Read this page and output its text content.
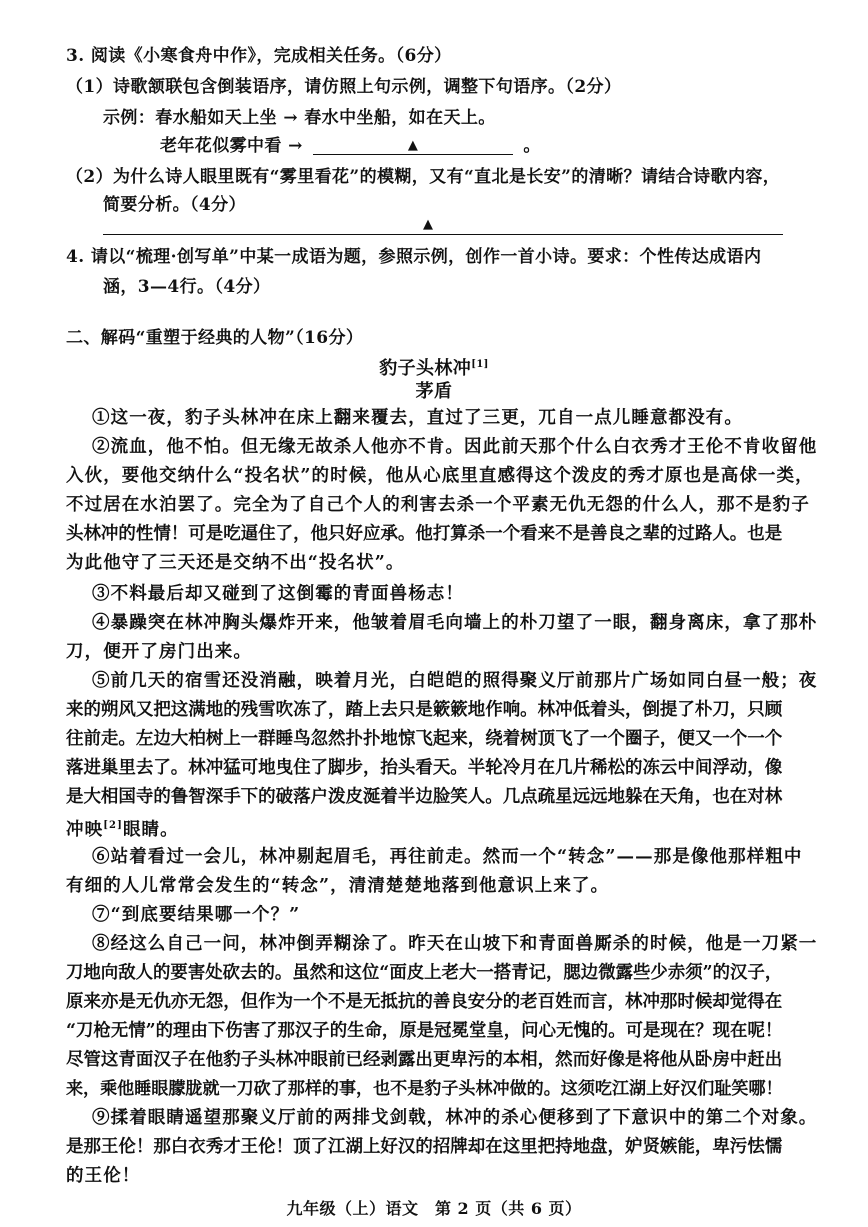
3. 阅读《小寒食舟中作》，完成相关任务。（6分）
（1）诗歌颔联包含倒装语序，请仿照上句示例，调整下句语序。（2分）
示例：春水船如天上坐 → 春水中坐船，如在天上。
老年花似雾中看 →	▲	。
（2）为什么诗人眼里既有“雾里看花”的模糊，又有“直北是长安”的清晰？请结合诗歌内容，
简要分析。（4分）
▲
4. 请以“梳理·创写单”中某一成语为题，参照示例，创作一首小诗。要求：个性传达成语内
涵，3—4行。（4分）
二、解码“重塑于经典的人物”（16分）
豹子头林冲[1]
茅盾
①这一夜，豹子头林冲在床上翻来覆去，直过了三更，兀自一点儿睡意都没有。
②流血，他不怕。但无缘无故杀人他亦不肯。因此前天那个什么白衣秀才王伦不肯收留他
入伙，要他交纳什么“投名状”的时候，他从心底里直感得这个泼皮的秀才原也是高俅一类，
不过居在水泊罢了。完全为了自己个人的利害去杀一个平素无仇无怨的什么人，那不是豹子
头林冲的性情！可是吃逼住了，他只好应承。他打算杀一个看来不是善良之辈的过路人。也是
为此他守了三天还是交纳不出“投名状”。
③不料最后却又碰到了这倒霉的青面兽杨志！
④暴躁突在林冲胸头爆炸开来，他皱着眉毛向墙上的朴刀望了一眼，翻身离床，拿了那朴
刀，便开了房门出来。
⑤前几天的宿雪还没消融，映着月光，白皑皑的照得聚义厅前那片广场如同白昼一般；夜
来的朔风又把这满地的残雪吹冻了，踏上去只是簌簌地作响。林冲低着头，倒提了朴刀，只顾
往前走。左边大柏树上一群睡鸟忽然扑扑地惊飞起来，绕着树顶飞了一个圈子，便又一个一个
落进巢里去了。林冲猛可地曳住了脚步，抬头看天。半轮冷月在几片稀松的冻云中间浮动，像
是大相国寺的鲁智深手下的破落户泼皮涎着半边脸笑人。几点疏星远远地躲在天角，也在对林
冲映[2]眼睛。
⑥站着看过一会儿，林冲剔起眉毛，再往前走。然而一个“转念”——那是像他那样粗中
有细的人儿常常会发生的“转念”，清清楚楚地落到他意识上来了。
⑦“到底要结果哪一个？”
⑧经这么自己一问，林冲倒弄糊涂了。昨天在山坡下和青面兽厮杀的时候，他是一刀紧一
刀地向敌人的要害处砍去的。虽然和这位“面皮上老大一搭青记，腮边微露些少赤须”的汉子，
原来亦是无仇亦无怨，但作为一个不是无抵抗的善良安分的老百姓而言，林冲那时候却觉得在
“刀枪无情”的理由下伤害了那汉子的生命，原是冠冕堂皇，问心无愧的。可是现在？现在呢！
尽管这青面汉子在他豹子头林冲眼前已经剥露出更卑污的本相，然而好像是将他从卧房中赶出
来，乘他睡眼朦胧就一刀砍了那样的事，也不是豹子头林冲做的。这须吃江湖上好汉们耻笑哪！
⑨揉着眼睛遥望那聚义厅前的两排戈剑戟，林冲的杀心便移到了下意识中的第二个对象。
是那王伦！那白衣秀才王伦！顶了江湖上好汉的招牌却在这里把持地盘，妒贤嫉能，卑污怯懦
的王伦！
九年级（上）语文　第 2 页（共 6 页）
